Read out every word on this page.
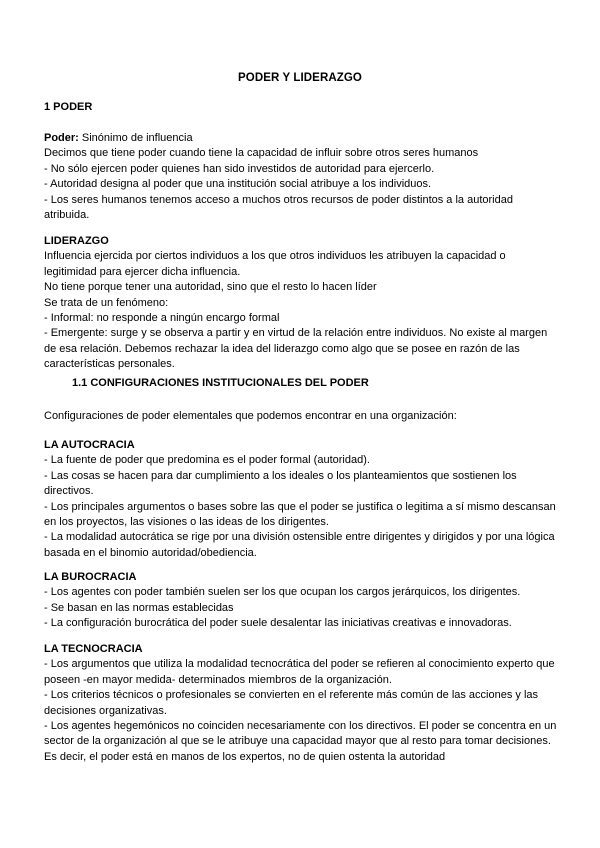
PODER Y LIDERAZGO

1 PODER

Poder: Sinónimo de influencia

Decimos que tiene poder cuando tiene la capacidad de influir sobre otros seres humanos

- No sólo ejercen poder quienes han sido investidos de autoridad para ejercerlo.

- Autoridad designa al poder que una institución social atribuye a los individuos.

- Los seres humanos tenemos acceso a muchos otros recursos de poder distintos a la autoridad atribuida.

LIDERAZGO

Influencia ejercida por ciertos individuos a los que otros individuos les atribuyen la capacidad o legitimidad para ejercer dicha influencia.

No tiene porque tener una autoridad, sino que el resto lo hacen líder

Se trata de un fenómeno:

- Informal: no responde a ningún encargo formal

- Emergente: surge y se observa a partir y en virtud de la relación entre individuos. No existe al margen de esa relación. Debemos rechazar la idea del liderazgo como algo que se posee en razón de las características personales.

1.1 CONFIGURACIONES INSTITUCIONALES DEL PODER

Configuraciones de poder elementales que podemos encontrar en una organización:

LA AUTOCRACIA

- La fuente de poder que predomina es el poder formal (autoridad).

- Las cosas se hacen para dar cumplimiento a los ideales o los planteamientos que sostienen los directivos.

- Los principales argumentos o bases sobre las que el poder se justifica o legitima a sí mismo descansan en los proyectos, las visiones o las ideas de los dirigentes.

- La modalidad autocrática se rige por una división ostensible entre dirigentes y dirigidos y por una lógica basada en el binomio autoridad/obediencia.

LA BUROCRACIA

- Los agentes con poder también suelen ser los que ocupan los cargos jerárquicos, los dirigentes.

- Se basan en las normas establecidas

- La configuración burocrática del poder suele desalentar las iniciativas creativas e innovadoras.

LA TECNOCRACIA

- Los argumentos que utiliza la modalidad tecnocrática del poder se refieren al conocimiento experto que poseen -en mayor medida- determinados miembros de la organización.

- Los criterios técnicos o profesionales se convierten en el referente más común de las acciones y las decisiones organizativas.

- Los agentes hegemónicos no coinciden necesariamente con los directivos. El poder se concentra en un sector de la organización al que se le atribuye una capacidad mayor que al resto para tomar decisiones. Es decir, el poder está en manos de los expertos, no de quien ostenta la autoridad
